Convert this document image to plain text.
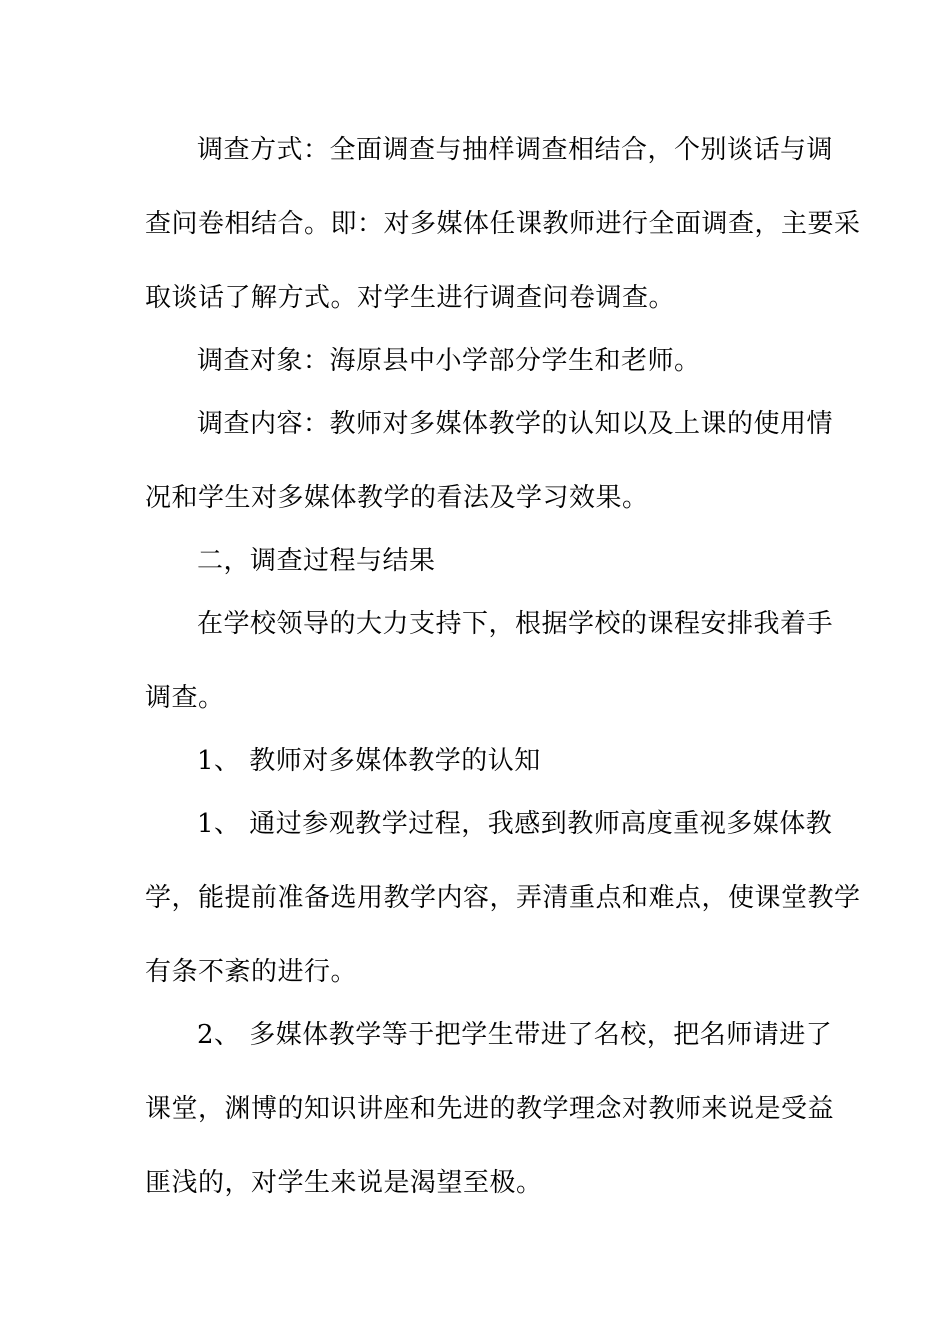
调查方式：全面调查与抽样调查相结合，个别谈话与调
查问卷相结合。即：对多媒体任课教师进行全面调查，主要采
取谈话了解方式。对学生进行调查问卷调查。
调查对象：海原县中小学部分学生和老师。
调查内容：教师对多媒体教学的认知以及上课的使用情
况和学生对多媒体教学的看法及学习效果。
二，调查过程与结果
在学校领导的大力支持下，根据学校的课程安排我着手
调查。
1、 教师对多媒体教学的认知
1、 通过参观教学过程，我感到教师高度重视多媒体教
学，能提前准备选用教学内容，弄清重点和难点，使课堂教学
有条不紊的进行。
2、 多媒体教学等于把学生带进了名校，把名师请进了
课堂，渊博的知识讲座和先进的教学理念对教师来说是受益
匪浅的，对学生来说是渴望至极。
